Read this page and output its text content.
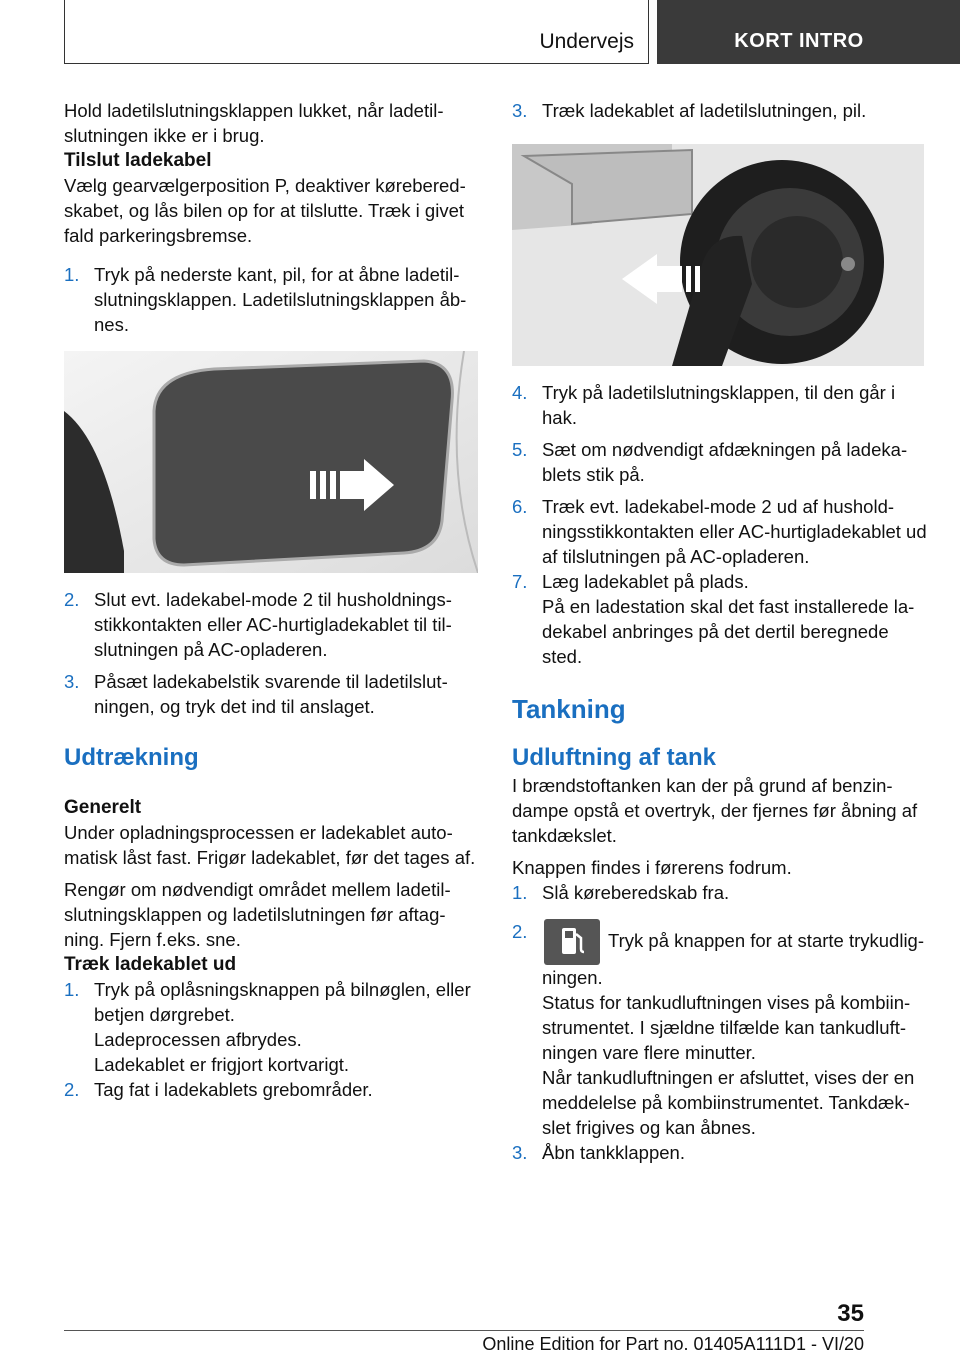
Undervejs	KORT INTRO

Hold ladetilslutningsklappen lukket, når ladetilslutningen ikke er i brug.

Tilslut ladekabel

Vælg gearvælgerposition P, deaktiver køreberedskabet, og lås bilen op for at tilslutte. Træk i givet fald parkeringsbremse.

1. Tryk på nederste kant, pil, for at åbne ladetilslutningsklappen. Ladetilslutningsklappen åbnes.
2. Slut evt. ladekabel-mode 2 til husholdningsstikkontakten eller AC-hurtigladekablet til tilslutningen på AC-opladeren.
3. Påsæt ladekabelstik svarende til ladetilslutningen, og tryk det ind til anslaget.

Udtrækning

Generelt

Under opladningsprocessen er ladekablet automatisk låst fast. Frigør ladekablet, før det tages af.

Rengør om nødvendigt området mellem ladetilslutningsklappen og ladetilslutningen før aftagning. Fjern f.eks. sne.

Træk ladekablet ud

1. Tryk på oplåsningsknappen på bilnøglen, eller betjen dørgrebet.

Ladeprocessen afbrydes.

Ladekablet er frigjort kortvarigt.

2. Tag fat i ladekablets grebområder.
3. Træk ladekablet af ladetilslutningen, pil.
4. Tryk på ladetilslutningsklappen, til den går i hak.
5. Sæt om nødvendigt afdækningen på ladekablets stik på.
6. Træk evt. ladekabel-mode 2 ud af husholdningsstikkontakten eller AC-hurtigladekablet ud af tilslutningen på AC-opladeren.
7. Læg ladekablet på plads.

På en ladestation skal det fast installerede ladekabel anbringes på det dertil beregnede sted.

Tankning

Udluftning af tank

I brændstoftanken kan der på grund af benzindampe opstå et overtryk, der fjernes før åbning af tankdækslet.

Knappen findes i førerens fodrum.

1. Slå køreberedskab fra.
2.	Tryk på knappen for at starte trykudligningen.

Status for tankudluftningen vises på kombiinstrumentet. I sjældne tilfælde kan tankudluftningen vare flere minutter.

Når tankudluftningen er afsluttet, vises der en meddelelse på kombiinstrumentet. Tankdækslet frigives og kan åbnes.

3. Åbn tankklappen.
35
Online Edition for Part no. 01405A111D1 - VI/20
